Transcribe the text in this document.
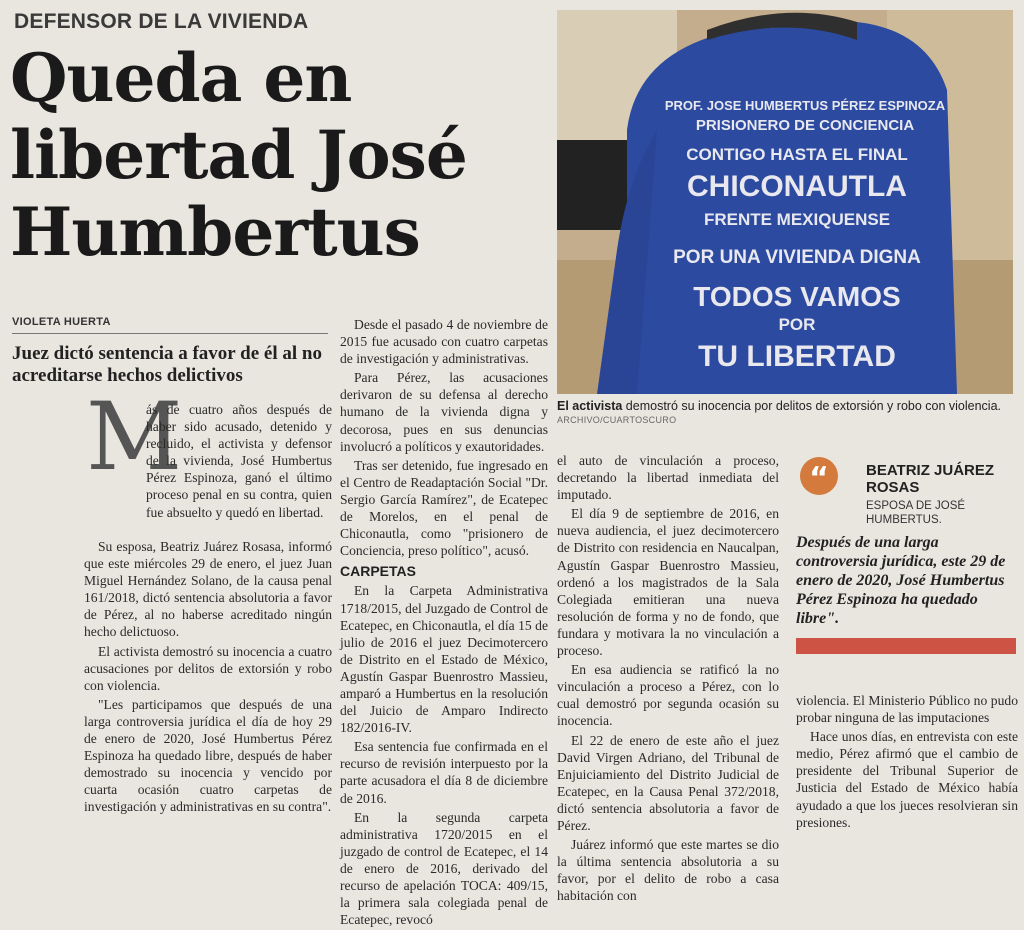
DEFENSOR DE LA VIVIENDA
Queda en
libertad José
Humbertus
VIOLETA HUERTA
Juez dictó sentencia a favor de él al no acreditarse hechos delictivos
M

ás de cuatro años después de haber sido acusado, detenido y recluido, el activista y defensor de la vivienda, José Humbertus Pérez Espinoza, ganó el último proceso penal en su contra, quien fue absuelto y quedó en libertad.

Su esposa, Beatriz Juárez Rosasa, informó que este miércoles 29 de enero, el juez Juan Miguel Hernández Solano, de la causa penal 161/2018, dictó sentencia absolutoria a favor de Pérez, al no haberse acreditado ningún hecho delictuoso.

El activista demostró su inocencia a cuatro acusaciones por delitos de extorsión y robo con violencia.

"Les participamos que después de una larga controversia jurídica el día de hoy 29 de enero de 2020, José Humbertus Pérez Espinoza ha quedado libre, después de haber demostrado su inocencia y vencido por cuarta ocasión cuatro carpetas de investigación y administrativas en su contra".

Desde el pasado 4 de noviembre de 2015 fue acusado con cuatro carpetas de investigación y administrativas.

Para Pérez, las acusaciones derivaron de su defensa al derecho humano de la vivienda digna y decorosa, pues en sus denuncias involucró a políticos y exautoridades.

Tras ser detenido, fue ingresado en el Centro de Readaptación Social "Dr. Sergio García Ramírez", de Ecatepec de Morelos, en el penal de Chiconautla, como "prisionero de Conciencia, preso político", acusó.

CARPETAS

En la Carpeta Administrativa 1718/2015, del Juzgado de Control de Ecatepec, en Chiconautla, el día 15 de julio de 2016 el juez Decimotercero de Distrito en el Estado de México, Agustín Gaspar Buenrostro Massieu, amparó a Humbertus en la resolución del Juicio de Amparo Indirecto 182/2016-IV.

Esa sentencia fue confirmada en el recurso de revisión interpuesto por la parte acusadora el día 8 de diciembre de 2016.

En la segunda carpeta administrativa 1720/2015 en el juzgado de control de Ecatepec, el 14 de enero de 2016, derivado del recurso de apelación TOCA: 409/15, la primera sala colegiada penal de Ecatepec, revocó

PROF. JOSE HUMBERTUS PÉREZ ESPINOZA
PRISIONERO DE CONCIENCIA
CONTIGO HASTA EL FINAL
CHICONAUTLA
FRENTE MEXIQUENSE
POR UNA VIVIENDA DIGNA
TODOS VAMOS
POR
TU LIBERTAD
El activista demostró su inocencia por delitos de extorsión y robo con violencia.
ARCHIVO/CUARTOSCURO

el auto de vinculación a proceso, decretando la libertad inmediata del imputado.

El día 9 de septiembre de 2016, en nueva audiencia, el juez decimotercero de Distrito con residencia en Naucalpan, Agustín Gaspar Buenrostro Massieu, ordenó a los magistrados de la Sala Colegiada emitieran una nueva resolución de forma y no de fondo, que fundara y motivara la no vinculación a proceso.

En esa audiencia se ratificó la no vinculación a proceso a Pérez, con lo cual demostró por segunda ocasión su inocencia.

El 22 de enero de este año el juez David Virgen Adriano, del Tribunal de Enjuiciamiento del Distrito Judicial de Ecatepec, en la Causa Penal 372/2018, dictó sentencia absolutoria a favor de Pérez.

Juárez informó que este martes se dio la última sentencia absolutoria a su favor, por el delito de robo a casa habitación con

“	BEATRIZ JUÁREZ
ROSAS
ESPOSA DE JOSÉ
HUMBERTUS.
Después de una larga controversia jurídica, este 29 de enero de 2020, José Humbertus Pérez Espinoza ha quedado libre".

violencia. El Ministerio Público no pudo probar ninguna de las imputaciones

Hace unos días, en entrevista con este medio, Pérez afirmó que el cambio de presidente del Tribunal Superior de Justicia del Estado de México había ayudado a que los jueces resolvieran sin presiones.
